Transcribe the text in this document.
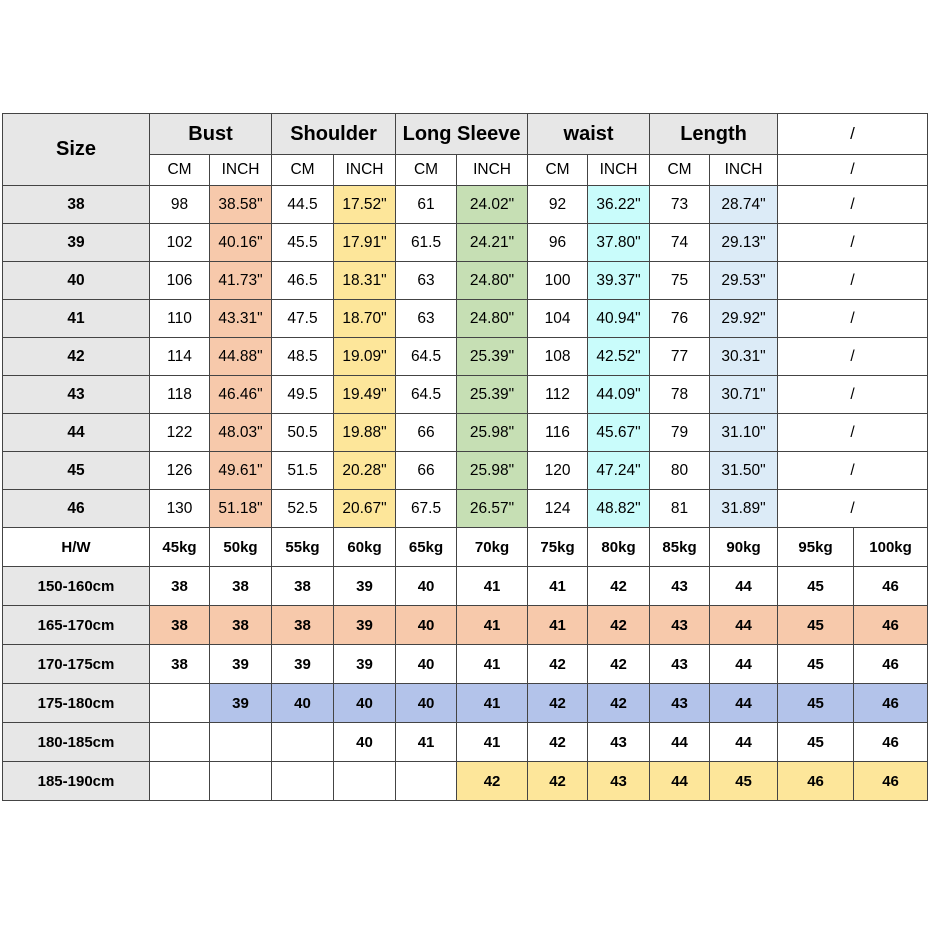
Size	Bust		Shoulder		Long Sleeve		waist		Length		/	
	CM	INCH	CM	INCH	CM	INCH	CM	INCH	CM	INCH	/	
38	98	38.58"	44.5	17.52"	61	24.02"	92	36.22"	73	28.74"	/	
39	102	40.16"	45.5	17.91"	61.5	24.21"	96	37.80"	74	29.13"	/	
40	106	41.73"	46.5	18.31"	63	24.80"	100	39.37"	75	29.53"	/	
41	110	43.31"	47.5	18.70"	63	24.80"	104	40.94"	76	29.92"	/	
42	114	44.88"	48.5	19.09"	64.5	25.39"	108	42.52"	77	30.31"	/	
43	118	46.46"	49.5	19.49"	64.5	25.39"	112	44.09"	78	30.71"	/	
44	122	48.03"	50.5	19.88"	66	25.98"	116	45.67"	79	31.10"	/	
45	126	49.61"	51.5	20.28"	66	25.98"	120	47.24"	80	31.50"	/	
46	130	51.18"	52.5	20.67"	67.5	26.57"	124	48.82"	81	31.89"	/	
H/W	45kg	50kg	55kg	60kg	65kg	70kg	75kg	80kg	85kg	90kg	95kg	100kg
150-160cm	38	38	38	39	40	41	41	42	43	44	45	46
165-170cm	38	38	38	39	40	41	41	42	43	44	45	46
170-175cm	38	39	39	39	40	41	42	42	43	44	45	46
175-180cm		39	40	40	40	41	42	42	43	44	45	46
180-185cm				40	41	41	42	43	44	44	45	46
185-190cm						42	42	43	44	45	46	46
